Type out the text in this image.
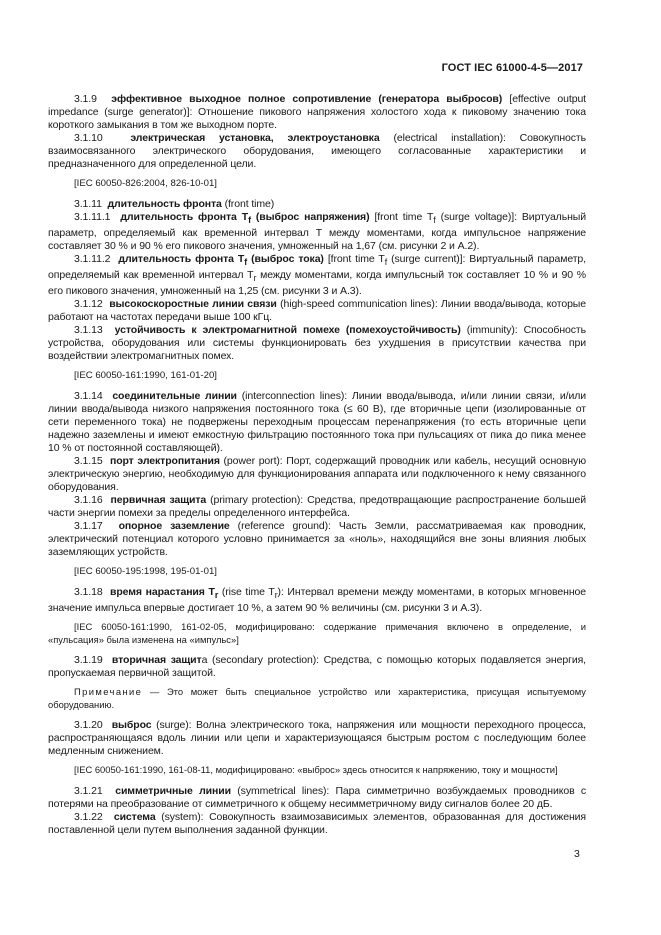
ГОСТ IEC 61000-4-5—2017

3.1.9 эффективное выходное полное сопротивление (генератора выбросов) [effective output impedance (surge generator)]: Отношение пикового напряжения холостого хода к пиковому значению тока короткого замыкания в том же выходном порте.

3.1.10	электрическая установка, электроустановка (electrical installation): Совокупность взаимосвязанного электрического оборудования, имеющего согласованные характеристики и предназначенного для определенной цели.

[IEC 60050-826:2004, 826-10-01]

3.1.11 длительность фронта (front time)

3.1.11.1 длительность фронта $T_f$ (выброс напряжения) [front time $T_f$ (surge voltage)]: Виртуальный параметр, определяемый как временной интервал T между моментами, когда импульсное напряжение составляет 30 % и 90 % его пикового значения, умноженный на 1,67 (см. рисунки 2 и А.2).

3.1.11.2 длительность фронта $T_f$ (выброс тока) [front time $T_f$ (surge current)]: Виртуальный параметр, определяемый как временной интервал $T_r$ между моментами, когда импульсный ток составляет 10 % и 90 % его пикового значения, умноженный на 1,25 (см. рисунки 3 и А.3).

3.1.12 высокоскоростные линии связи (high-speed communication lines): Линии ввода/вывода, которые работают на частотах передачи выше 100 кГц.

3.1.13 устойчивость к электромагнитной помехе (помехоустойчивость) (immunity): Способность устройства, оборудования или системы функционировать без ухудшения в присутствии качества при воздействии электромагнитных помех.

[IEC 60050-161:1990, 161-01-20]

3.1.14 соединительные линии (interconnection lines): Линии ввода/вывода, и/или линии связи, и/или линии ввода/вывода низкого напряжения постоянного тока (≤ 60 В), где вторичные цепи (изолированные от сети переменного тока) не подвержены переходным процессам перенапряжения (то есть вторичные цепи надежно заземлены и имеют емкостную фильтрацию постоянного тока при пульсациях от пика до пика менее 10 % от постоянной составляющей).

3.1.15 порт электропитания (power port): Порт, содержащий проводник или кабель, несущий основную электрическую энергию, необходимую для функционирования аппарата или подключенного к нему связанного оборудования.

3.1.16 первичная защита (primary protection): Средства, предотвращающие распространение большей части энергии помехи за пределы определенного интерфейса.

3.1.17 опорное заземление (reference ground): Часть Земли, рассматриваемая как проводник, электрический потенциал которого условно принимается за «ноль», находящийся вне зоны влияния любых заземляющих устройств.

[IEC 60050-195:1998, 195-01-01]

3.1.18 время нарастания $T_r$ (rise time $T_r$): Интервал времени между моментами, в которых мгновенное значение импульса впервые достигает 10 %, а затем 90 % величины (см. рисунки 3 и А.3).

[IEC 60050-161:1990, 161-02-05, модифицировано: содержание примечания включено в определение, и «пульсация» была изменена на «импульс»]

3.1.19 вторичная защита (secondary protection): Средства, с помощью которых подавляется энергия, пропускаемая первичной защитой.

Примечание — Это может быть специальное устройство или характеристика, присущая испытуемому оборудованию.

3.1.20 выброс (surge): Волна электрического тока, напряжения или мощности переходного процесса, распространяющаяся вдоль линии или цепи и характеризующаяся быстрым ростом с последующим более медленным снижением.

[IEC 60050-161:1990, 161-08-11, модифицировано: «выброс» здесь относится к напряжению, току и мощности]

3.1.21 симметричные линии (symmetrical lines): Пара симметрично возбуждаемых проводников с потерями на преобразование от симметричного к общему несимметричному виду сигналов более 20 дБ.

3.1.22 система (system): Совокупность взаимозависимых элементов, образованная для достижения поставленной цели путем выполнения заданной функции.

3
